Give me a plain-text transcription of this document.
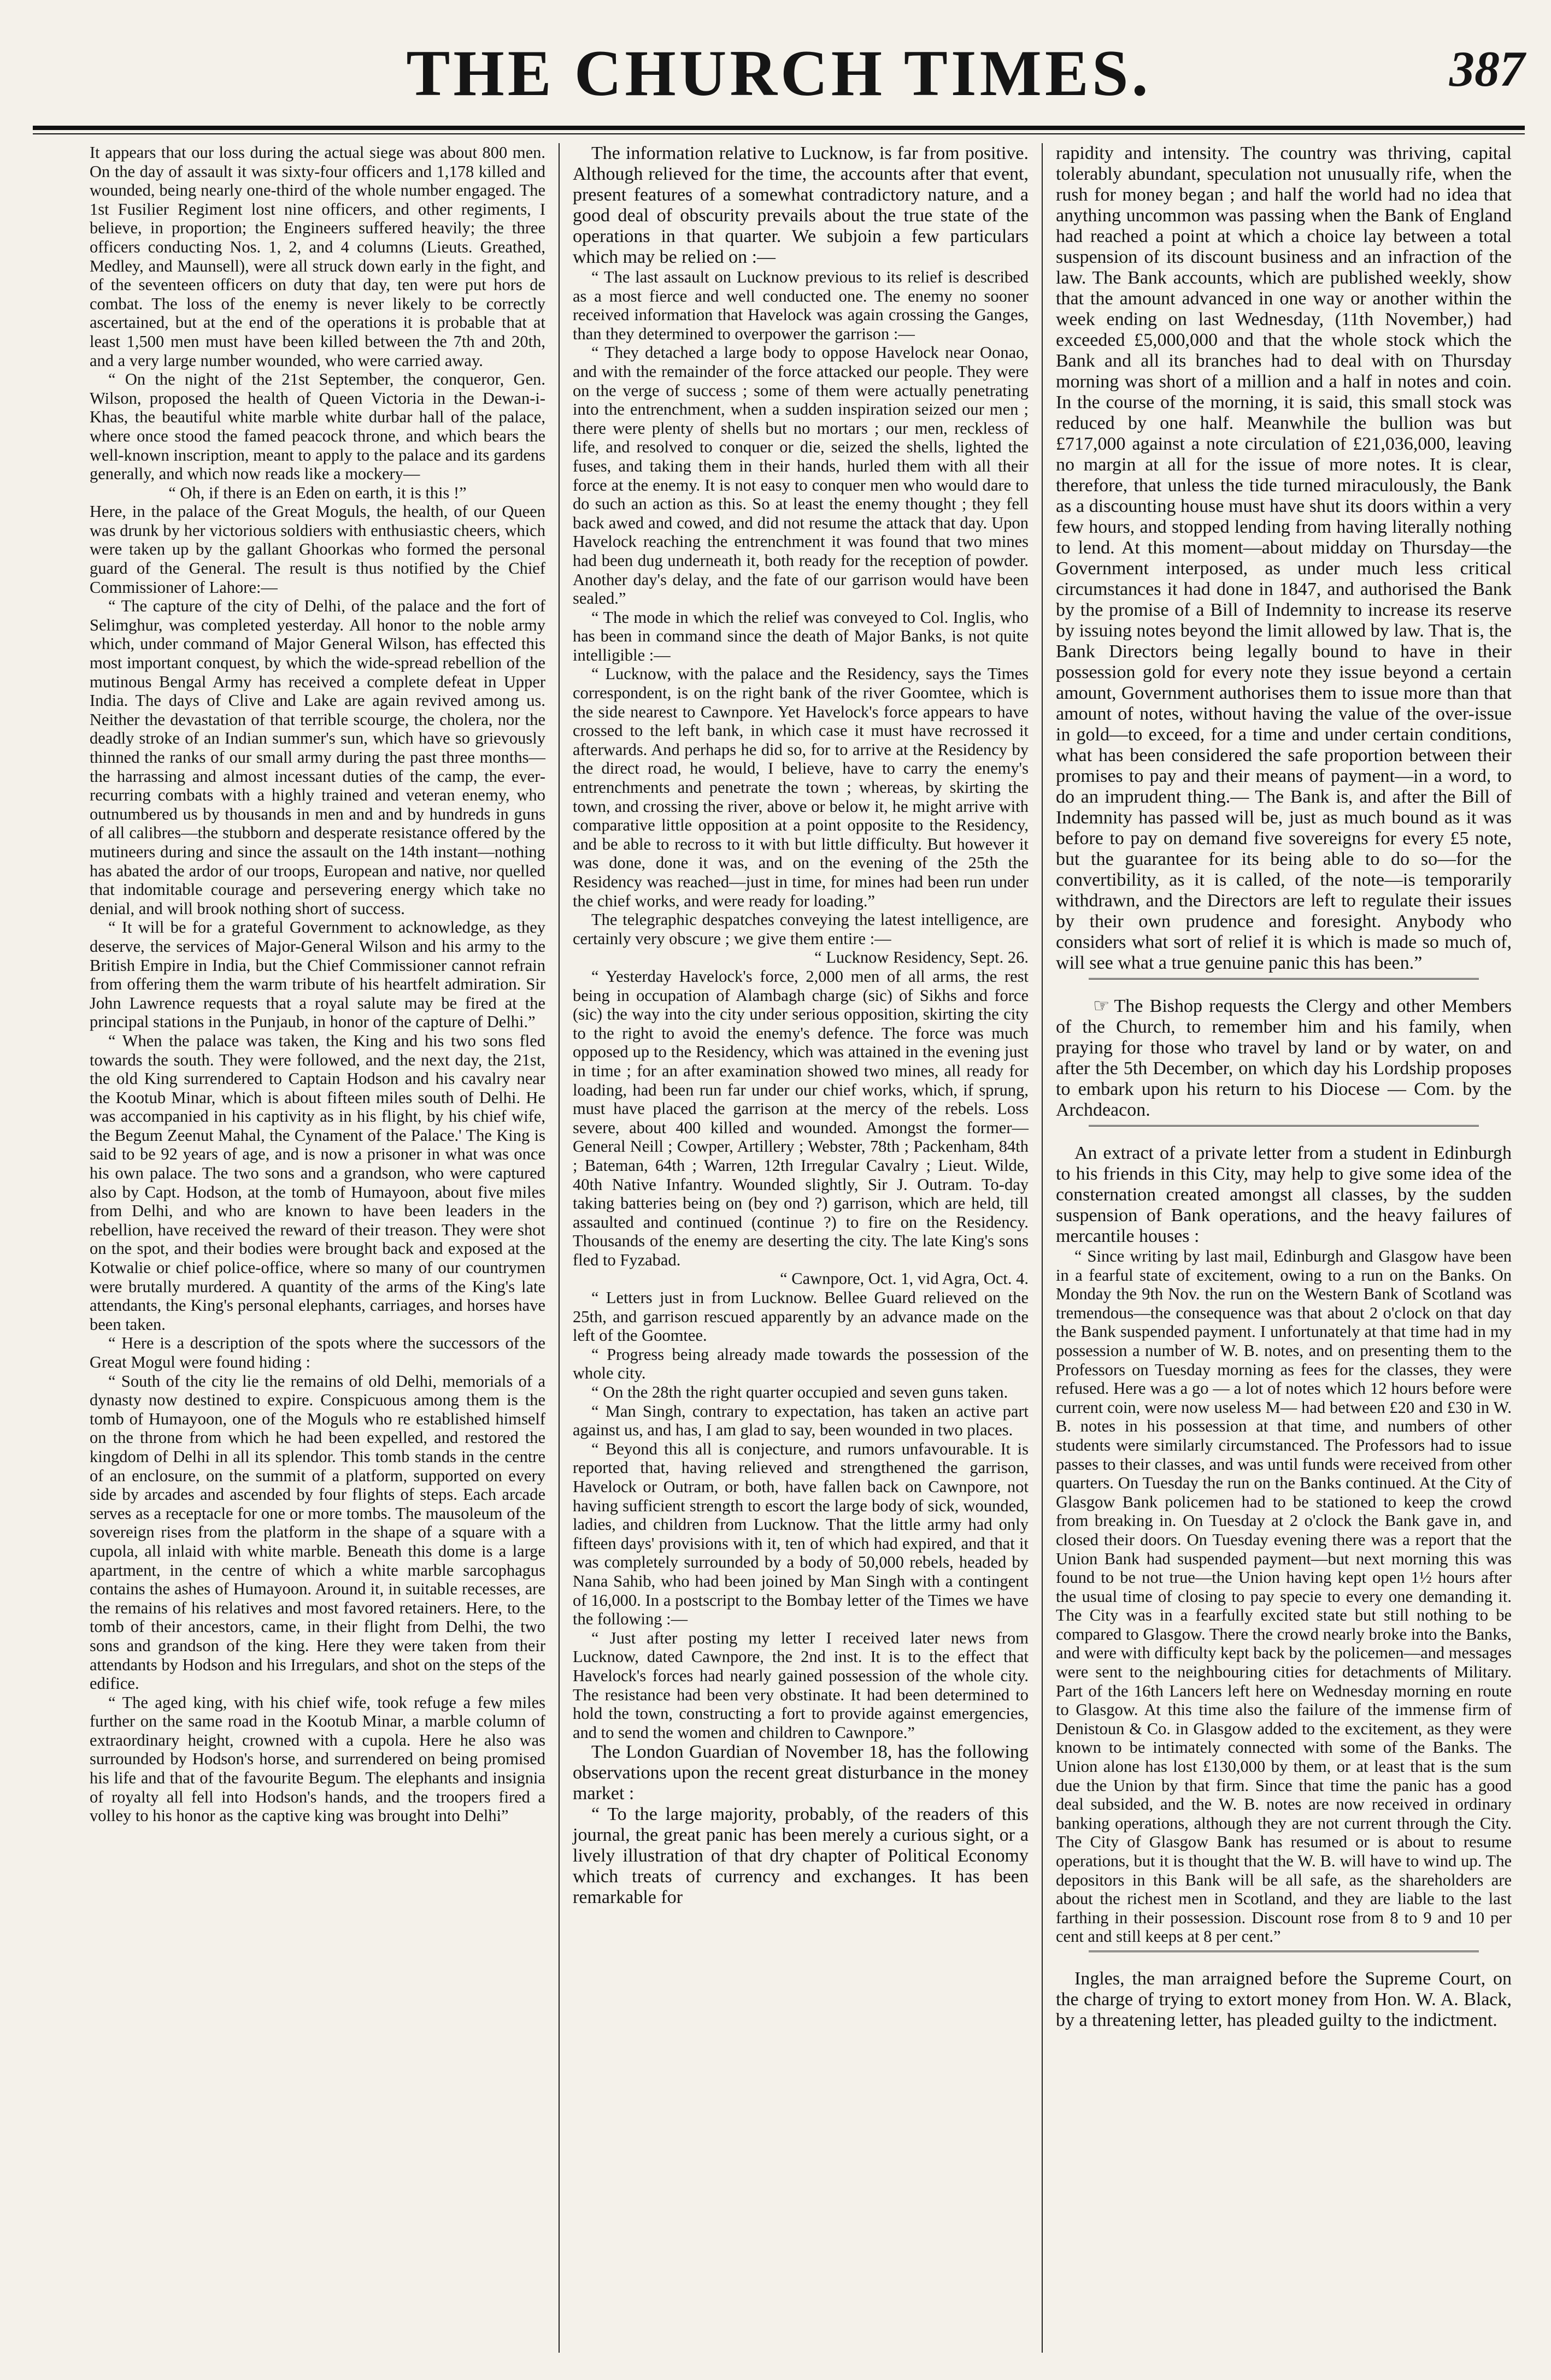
THE CHURCH TIMES.	387

It appears that our loss during the actual siege was about 800 men. On the day of assault it was sixty-four officers and 1,178 killed and wounded, being nearly one-third of the whole number engaged. The 1st Fusilier Regiment lost nine officers, and other regiments, I believe, in proportion; the Engineers suffered heavily; the three officers conducting Nos. 1, 2, and 4 columns (Lieuts. Greathed, Medley, and Maunsell), were all struck down early in the fight, and of the seventeen officers on duty that day, ten were put hors de combat. The loss of the enemy is never likely to be correctly ascertained, but at the end of the operations it is probable that at least 1,500 men must have been killed between the 7th and 20th, and a very large number wounded, who were carried away.

“ On the night of the 21st September, the conqueror, Gen. Wilson, proposed the health of Queen Victoria in the Dewan-i-Khas, the beautiful white marble white durbar hall of the palace, where once stood the famed peacock throne, and which bears the well-known inscription, meant to apply to the palace and its gardens generally, and which now reads like a mockery—

“ Oh, if there is an Eden on earth, it is this !”

Here, in the palace of the Great Moguls, the health, of our Queen was drunk by her victorious soldiers with enthusiastic cheers, which were taken up by the gallant Ghoorkas who formed the personal guard of the General. The result is thus notified by the Chief Commissioner of Lahore:—

“ The capture of the city of Delhi, of the palace and the fort of Selimghur, was completed yesterday. All honor to the noble army which, under command of Major General Wilson, has effected this most important conquest, by which the wide-spread rebellion of the mutinous Bengal Army has received a complete defeat in Upper India. The days of Clive and Lake are again revived among us. Neither the devastation of that terrible scourge, the cholera, nor the deadly stroke of an Indian summer's sun, which have so grievously thinned the ranks of our small army during the past three months—the harrassing and almost incessant duties of the camp, the ever-recurring combats with a highly trained and veteran enemy, who outnumbered us by thousands in men and and by hundreds in guns of all calibres—the stubborn and desperate resistance offered by the mutineers during and since the assault on the 14th instant—nothing has abated the ardor of our troops, European and native, nor quelled that indomitable courage and persevering energy which take no denial, and will brook nothing short of success.

“ It will be for a grateful Government to acknowledge, as they deserve, the services of Major-General Wilson and his army to the British Empire in India, but the Chief Commissioner cannot refrain from offering them the warm tribute of his heartfelt admiration. Sir John Lawrence requests that a royal salute may be fired at the principal stations in the Punjaub, in honor of the capture of Delhi.”

“ When the palace was taken, the King and his two sons fled towards the south. They were followed, and the next day, the 21st, the old King surrendered to Captain Hodson and his cavalry near the Kootub Minar, which is about fifteen miles south of Delhi. He was accompanied in his captivity as in his flight, by his chief wife, the Begum Zeenut Mahal, the Cynament of the Palace.' The King is said to be 92 years of age, and is now a prisoner in what was once his own palace. The two sons and a grandson, who were captured also by Capt. Hodson, at the tomb of Humayoon, about five miles from Delhi, and who are known to have been leaders in the rebellion, have received the reward of their treason. They were shot on the spot, and their bodies were brought back and exposed at the Kotwalie or chief police-office, where so many of our countrymen were brutally murdered. A quantity of the arms of the King's late attendants, the King's personal elephants, carriages, and horses have been taken.

“ Here is a description of the spots where the successors of the Great Mogul were found hiding :

“ South of the city lie the remains of old Delhi, memorials of a dynasty now destined to expire. Conspicuous among them is the tomb of Humayoon, one of the Moguls who re established himself on the throne from which he had been expelled, and restored the kingdom of Delhi in all its splendor. This tomb stands in the centre of an enclosure, on the summit of a platform, supported on every side by arcades and ascended by four flights of steps. Each arcade serves as a receptacle for one or more tombs. The mausoleum of the sovereign rises from the platform in the shape of a square with a cupola, all inlaid with white marble. Beneath this dome is a large apartment, in the centre of which a white marble sarcophagus contains the ashes of Humayoon. Around it, in suitable recesses, are the remains of his relatives and most favored retainers. Here, to the tomb of their ancestors, came, in their flight from Delhi, the two sons and grandson of the king. Here they were taken from their attendants by Hodson and his Irregulars, and shot on the steps of the edifice.

“ The aged king, with his chief wife, took refuge a few miles further on the same road in the Kootub Minar, a marble column of extraordinary height, crowned with a cupola. Here he also was surrounded by Hodson's horse, and surrendered on being promised his life and that of the favourite Begum. The elephants and insignia of royalty all fell into Hodson's hands, and the troopers fired a volley to his honor as the captive king was brought into Delhi”

The information relative to Lucknow, is far from positive. Although relieved for the time, the accounts after that event, present features of a somewhat contradictory nature, and a good deal of obscurity prevails about the true state of the operations in that quarter. We subjoin a few particulars which may be relied on :—

“ The last assault on Lucknow previous to its relief is described as a most fierce and well conducted one. The enemy no sooner received information that Havelock was again crossing the Ganges, than they determined to overpower the garrison :—

“ They detached a large body to oppose Havelock near Oonao, and with the remainder of the force attacked our people. They were on the verge of success ; some of them were actually penetrating into the entrenchment, when a sudden inspiration seized our men ; there were plenty of shells but no mortars ; our men, reckless of life, and resolved to conquer or die, seized the shells, lighted the fuses, and taking them in their hands, hurled them with all their force at the enemy. It is not easy to conquer men who would dare to do such an action as this. So at least the enemy thought ; they fell back awed and cowed, and did not resume the attack that day. Upon Havelock reaching the entrenchment it was found that two mines had been dug underneath it, both ready for the reception of powder. Another day's delay, and the fate of our garrison would have been sealed.”

“ The mode in which the relief was conveyed to Col. Inglis, who has been in command since the death of Major Banks, is not quite intelligible :—

“ Lucknow, with the palace and the Residency, says the Times correspondent, is on the right bank of the river Goomtee, which is the side nearest to Cawnpore. Yet Havelock's force appears to have crossed to the left bank, in which case it must have recrossed it afterwards. And perhaps he did so, for to arrive at the Residency by the direct road, he would, I believe, have to carry the enemy's entrenchments and penetrate the town ; whereas, by skirting the town, and crossing the river, above or below it, he might arrive with comparative little opposition at a point opposite to the Residency, and be able to recross to it with but little difficulty. But however it was done, done it was, and on the evening of the 25th the Residency was reached—just in time, for mines had been run under the chief works, and were ready for loading.”

The telegraphic despatches conveying the latest intelligence, are certainly very obscure ; we give them entire :—

“ Lucknow Residency, Sept. 26.

“ Yesterday Havelock's force, 2,000 men of all arms, the rest being in occupation of Alambagh charge (sic) of Sikhs and force (sic) the way into the city under serious opposition, skirting the city to the right to avoid the enemy's defence. The force was much opposed up to the Residency, which was attained in the evening just in time ; for an after examination showed two mines, all ready for loading, had been run far under our chief works, which, if sprung, must have placed the garrison at the mercy of the rebels. Loss severe, about 400 killed and wounded. Amongst the former—General Neill ; Cowper, Artillery ; Webster, 78th ; Packenham, 84th ; Bateman, 64th ; Warren, 12th Irregular Cavalry ; Lieut. Wilde, 40th Native Infantry. Wounded slightly, Sir J. Outram. To-day taking batteries being on (bey ond ?) garrison, which are held, till assaulted and continued (continue ?) to fire on the Residency. Thousands of the enemy are deserting the city. The late King's sons fled to Fyzabad.

“ Cawnpore, Oct. 1, vid Agra, Oct. 4.

“ Letters just in from Lucknow. Bellee Guard relieved on the 25th, and garrison rescued apparently by an advance made on the left of the Goomtee.

“ Progress being already made towards the possession of the whole city.

“ On the 28th the right quarter occupied and seven guns taken.

“ Man Singh, contrary to expectation, has taken an active part against us, and has, I am glad to say, been wounded in two places.

“ Beyond this all is conjecture, and rumors unfavourable. It is reported that, having relieved and strengthened the garrison, Havelock or Outram, or both, have fallen back on Cawnpore, not having sufficient strength to escort the large body of sick, wounded, ladies, and children from Lucknow. That the little army had only fifteen days' provisions with it, ten of which had expired, and that it was completely surrounded by a body of 50,000 rebels, headed by Nana Sahib, who had been joined by Man Singh with a contingent of 16,000. In a postscript to the Bombay letter of the Times we have the following :—

“ Just after posting my letter I received later news from Lucknow, dated Cawnpore, the 2nd inst. It is to the effect that Havelock's forces had nearly gained possession of the whole city. The resistance had been very obstinate. It had been determined to hold the town, constructing a fort to provide against emergencies, and to send the women and children to Cawnpore.”

The London Guardian of November 18, has the following observations upon the recent great disturbance in the money market :

“ To the large majority, probably, of the readers of this journal, the great panic has been merely a curious sight, or a lively illustration of that dry chapter of Political Economy which treats of currency and exchanges. It has been remarkable for

rapidity and intensity. The country was thriving, capital tolerably abundant, speculation not unusually rife, when the rush for money began ; and half the world had no idea that anything uncommon was passing when the Bank of England had reached a point at which a choice lay between a total suspension of its discount business and an infraction of the law. The Bank accounts, which are published weekly, show that the amount advanced in one way or another within the week ending on last Wednesday, (11th November,) had exceeded £5,000,000 and that the whole stock which the Bank and all its branches had to deal with on Thursday morning was short of a million and a half in notes and coin. In the course of the morning, it is said, this small stock was reduced by one half. Meanwhile the bullion was but £717,000 against a note circulation of £21,036,000, leaving no margin at all for the issue of more notes. It is clear, therefore, that unless the tide turned miraculously, the Bank as a discounting house must have shut its doors within a very few hours, and stopped lending from having literally nothing to lend. At this moment—about midday on Thursday—the Government interposed, as under much less critical circumstances it had done in 1847, and authorised the Bank by the promise of a Bill of Indemnity to increase its reserve by issuing notes beyond the limit allowed by law. That is, the Bank Directors being legally bound to have in their possession gold for every note they issue beyond a certain amount, Government authorises them to issue more than that amount of notes, without having the value of the over-issue in gold—to exceed, for a time and under certain conditions, what has been considered the safe proportion between their promises to pay and their means of payment—in a word, to do an imprudent thing.— The Bank is, and after the Bill of Indemnity has passed will be, just as much bound as it was before to pay on demand five sovereigns for every £5 note, but the guarantee for its being able to do so—for the convertibility, as it is called, of the note—is temporarily withdrawn, and the Directors are left to regulate their issues by their own prudence and foresight. Anybody who considers what sort of relief it is which is made so much of, will see what a true genuine panic this has been.”

☞ The Bishop requests the Clergy and other Members of the Church, to remember him and his family, when praying for those who travel by land or by water, on and after the 5th December, on which day his Lordship proposes to embark upon his return to his Diocese — Com. by the Archdeacon.

An extract of a private letter from a student in Edinburgh to his friends in this City, may help to give some idea of the consternation created amongst all classes, by the sudden suspension of Bank operations, and the heavy failures of mercantile houses :

“ Since writing by last mail, Edinburgh and Glasgow have been in a fearful state of excitement, owing to a run on the Banks. On Monday the 9th Nov. the run on the Western Bank of Scotland was tremendous—the consequence was that about 2 o'clock on that day the Bank suspended payment. I unfortunately at that time had in my possession a number of W. B. notes, and on presenting them to the Professors on Tuesday morning as fees for the classes, they were refused. Here was a go — a lot of notes which 12 hours before were current coin, were now useless M— had between £20 and £30 in W. B. notes in his possession at that time, and numbers of other students were similarly circumstanced. The Professors had to issue passes to their classes, and was until funds were received from other quarters. On Tuesday the run on the Banks continued. At the City of Glasgow Bank policemen had to be stationed to keep the crowd from breaking in. On Tuesday at 2 o'clock the Bank gave in, and closed their doors. On Tuesday evening there was a report that the Union Bank had suspended payment—but next morning this was found to be not true—the Union having kept open 1½ hours after the usual time of closing to pay specie to every one demanding it. The City was in a fearfully excited state but still nothing to be compared to Glasgow. There the crowd nearly broke into the Banks, and were with difficulty kept back by the policemen—and messages were sent to the neighbouring cities for detachments of Military. Part of the 16th Lancers left here on Wednesday morning en route to Glasgow. At this time also the failure of the immense firm of Denistoun & Co. in Glasgow added to the excitement, as they were known to be intimately connected with some of the Banks. The Union alone has lost £130,000 by them, or at least that is the sum due the Union by that firm. Since that time the panic has a good deal subsided, and the W. B. notes are now received in ordinary banking operations, although they are not current through the City. The City of Glasgow Bank has resumed or is about to resume operations, but it is thought that the W. B. will have to wind up. The depositors in this Bank will be all safe, as the shareholders are about the richest men in Scotland, and they are liable to the last farthing in their possession. Discount rose from 8 to 9 and 10 per cent and still keeps at 8 per cent.”

Ingles, the man arraigned before the Supreme Court, on the charge of trying to extort money from Hon. W. A. Black, by a threatening letter, has pleaded guilty to the indictment.
